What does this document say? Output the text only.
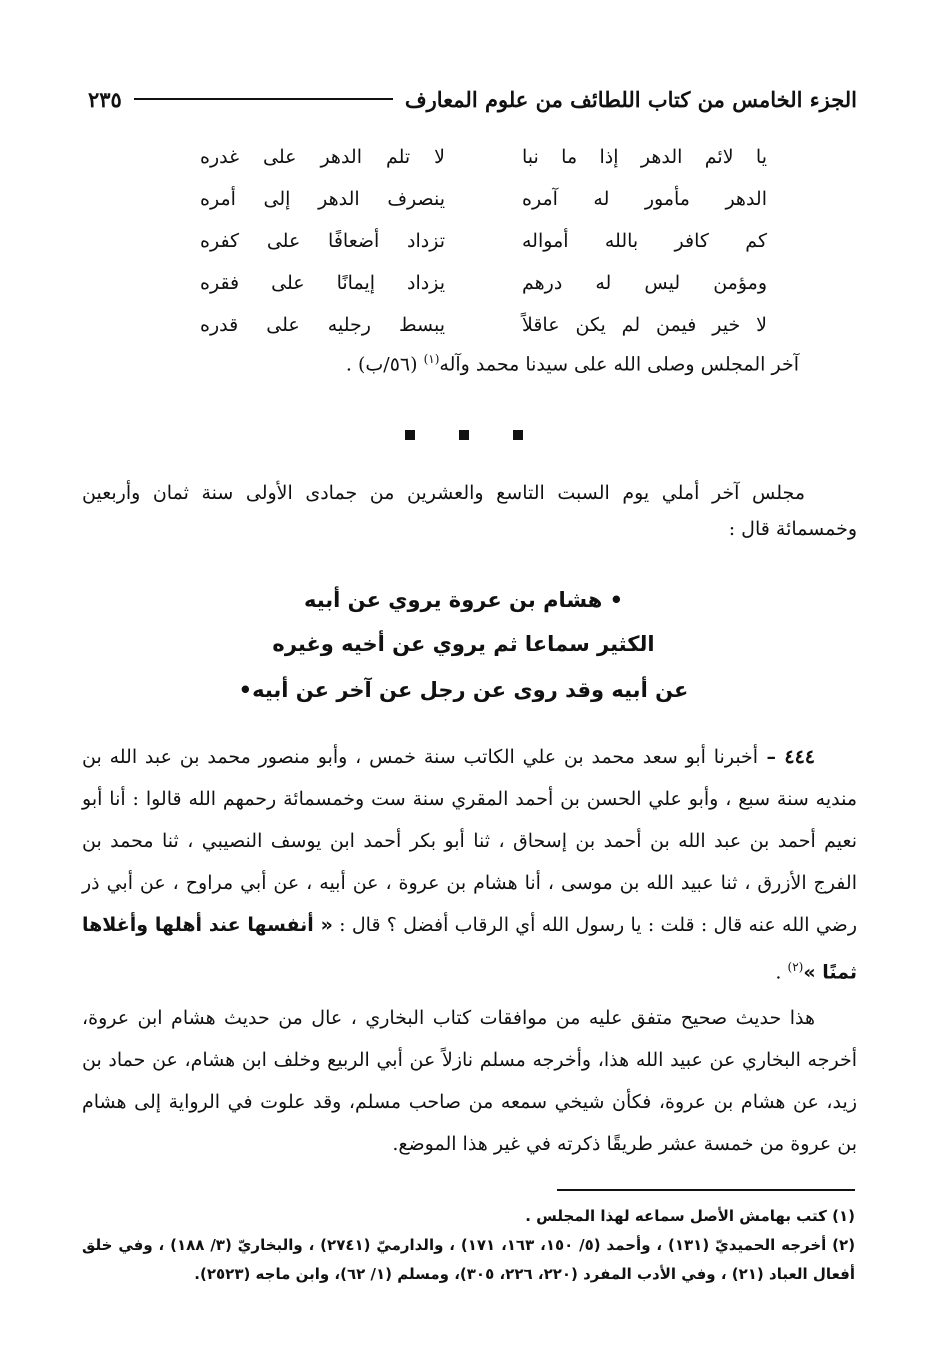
الجزء الخامس من كتاب اللطائف من علوم المعارف
٢٣٥
يا لائم الدهر إذا ما نبا
لا تلم الدهر على غدره
الدهر مأمور له آمره
ينصرف الدهر إلى أمره
كم كافر بالله أمواله
تزداد أضعافًا على كفره
ومؤمن ليس له درهم
يزداد إيمانًا على فقره
لا خير فيمن لم يكن عاقلاً
يبسط رجليه على قدره
آخر المجلس وصلى الله على سيدنا محمد وآله$^{(١)}$ (٥٦/ب) .
مجلس آخر أملي يوم السبت التاسع والعشرين من جمادى الأولى سنة ثمان وأربعين وخمسمائة قال :
• هشام بن عروة يروي عن أبيه
الكثير سماعا ثم يروي عن أخيه وغيره
عن أبيه وقد روى عن رجل عن آخر عن أبيه•
٤٤٤ – أخبرنا أبو سعد محمد بن علي الكاتب سنة خمس ، وأبو منصور محمد بن عبد الله بن منديه سنة سبع ، وأبو علي الحسن بن أحمد المقري سنة ست وخمسمائة رحمهم الله قالوا : أنا أبو نعيم أحمد بن عبد الله بن أحمد بن إسحاق ، ثنا أبو بكر أحمد ابن يوسف النصيبي ، ثنا محمد بن الفرج الأزرق ، ثنا عبيد الله بن موسى ، أنا هشام بن عروة ، عن أبيه ، عن أبي مراوح ، عن أبي ذر رضي الله عنه قال : قلت : يا رسول الله أي الرقاب أفضل ؟ قال : « أنفسها عند أهلها وأغلاها ثمنًا »$^{(٢)}$ .
هذا حديث صحيح متفق عليه من موافقات كتاب البخاري ، عال من حديث هشام ابن عروة، أخرجه البخاري عن عبيد الله هذا، وأخرجه مسلم نازلاً عن أبي الربيع وخلف ابن هشام، عن حماد بن زيد، عن هشام بن عروة، فكأن شيخي سمعه من صاحب مسلم، وقد علوت في الرواية إلى هشام بن عروة من خمسة عشر طريقًا ذكرته في غير هذا الموضع.

(١) كتب بهامش الأصل سماعه لهذا المجلس .

(٢) أخرجه الحميديّ (١٣١) ، وأحمد (٥/ ١٥٠، ١٦٣، ١٧١) ، والدارميّ (٢٧٤١) ، والبخاريّ (٣/ ١٨٨) ، وفي خلق أفعال العباد (٢١) ، وفي الأدب المفرد (٢٢٠، ٢٢٦، ٣٠٥)، ومسلم (١/ ٦٢)، وابن ماجه (٢٥٢٣).
